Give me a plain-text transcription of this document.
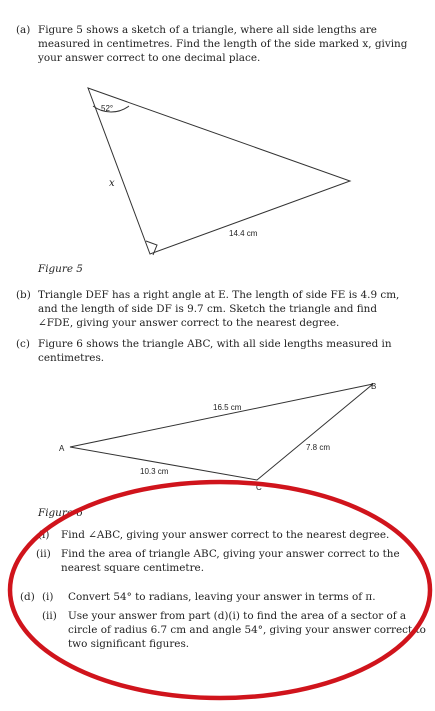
(a) Figure 5 shows a sketch of a triangle, where all side lengths are
measured in centimetres. Find the length of the side marked x, giving
your answer correct to one decimal place.
52°
x
14.4 cm
A
B
C
16.5 cm
7.8 cm
10.3 cm
Figure 5
(b) Triangle DEF has a right angle at E. The length of side FE is 4.9 cm,
and the length of side DF is 9.7 cm. Sketch the triangle and find
∠FDE, giving your answer correct to the nearest degree.
(c) Figure 6 shows the triangle ABC, with all side lengths measured in
centimetres.
Figure 6
(i) Find ∠ABC, giving your answer correct to the nearest degree.
(ii) Find the area of triangle ABC, giving your answer correct to the
nearest square centimetre.
(d) (i) Convert 54° to radians, leaving your answer in terms of π.
(ii) Use your answer from part (d)(i) to find the area of a sector of a
circle of radius 6.7 cm and angle 54°, giving your answer correct to
two significant figures.
